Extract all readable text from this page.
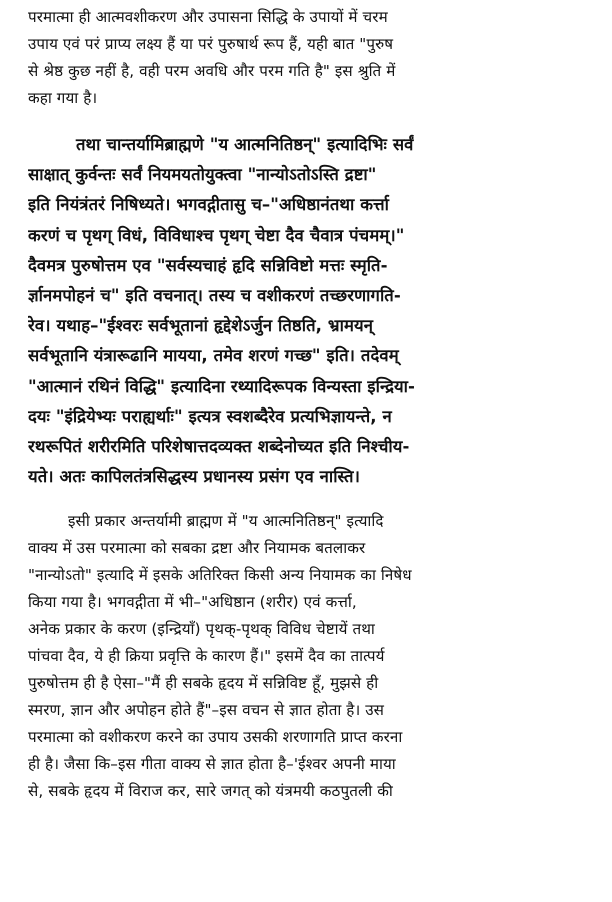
परमात्मा ही आत्मवशीकरण और उपासना सिद्धि के उपायों में चरम
उपाय एवं परं प्राप्य लक्ष्य हैं या परं पुरुषार्थ रूप हैं, यही बात "पुरुष
से श्रेष्ठ कुछ नहीं है, वही परम अवधि और परम गति है" इस श्रुति में
कहा गया है।
तथा चान्तर्यामिब्राह्मणे "य आत्मनितिष्ठन्" इत्यादिभिः सर्वं
साक्षात् कुर्वन्तः सर्वं नियमयतोयुक्त्वा "नान्योऽतोऽस्ति द्रष्टा"
इति नियंत्रंतरं निषिध्यते। भगवद्गीतासु च–"अधिष्ठानंतथा कर्त्ता
करणं च पृथग् विधं, विविधाश्च पृथग् चेष्टा दैव चैवात्र पंचमम्।"
दैवमत्र पुरुषोत्तम एव "सर्वस्यचाहं हृदि सन्निविष्टो मत्तः स्मृति-
र्ज्ञानमपोहनं च" इति वचनात्। तस्य च वशीकरणं तच्छरणागति-
रेव। यथाह–"ईश्वरः सर्वभूतानां हृद्देशेऽर्जुन तिष्ठति, भ्रामयन्
सर्वभूतानि यंत्रारूढानि मायया, तमेव शरणं गच्छ" इति। तदेवम्
"आत्मानं रथिनं विद्धि" इत्यादिना रथ्यादिरूपक विन्यस्ता इन्द्रिया-
दयः "इंद्रियेभ्यः पराह्यर्थाः" इत्यत्र स्वशब्दैरेव प्रत्यभिज्ञायन्ते, न
रथरूपितं शरीरमिति परिशेषात्तदव्यक्त शब्देनोच्यत इति निश्चीय-
यते। अतः कापिलतंत्रसिद्धस्य प्रधानस्य प्रसंग एव नास्ति।
इसी प्रकार अन्तर्यामी ब्राह्मण में "य आत्मनितिष्ठन्" इत्यादि
वाक्य में उस परमात्मा को सबका द्रष्टा और नियामक बतलाकर
"नान्योऽतो" इत्यादि में इसके अतिरिक्त किसी अन्य नियामक का निषेध
किया गया है। भगवद्गीता में भी–"अधिष्ठान (शरीर) एवं कर्त्ता,
अनेक प्रकार के करण (इन्द्रियाँ) पृथक्-पृथक् विविध चेष्टायें तथा
पांचवा दैव, ये ही क्रिया प्रवृत्ति के कारण हैं।" इसमें दैव का तात्पर्य
पुरुषोत्तम ही है ऐसा–"मैं ही सबके हृदय में सन्निविष्ट हूँ, मुझसे ही
स्मरण, ज्ञान और अपोहन होते हैं"–इस वचन से ज्ञात होता है। उस
परमात्मा को वशीकरण करने का उपाय उसकी शरणागति प्राप्त करना
ही है। जैसा कि–इस गीता वाक्य से ज्ञात होता है–'ईश्वर अपनी माया
से, सबके हृदय में विराज कर, सारे जगत् को यंत्रमयी कठपुतली की
